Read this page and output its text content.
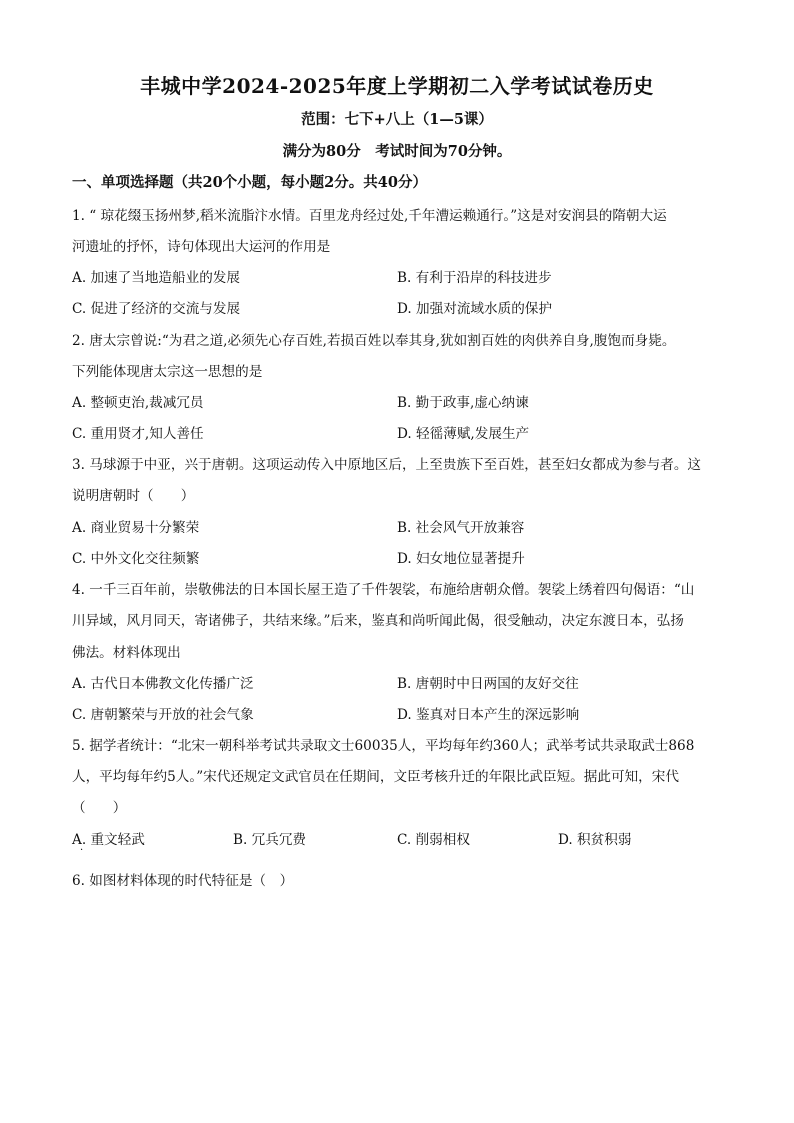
丰城中学2024-2025年度上学期初二入学考试试卷历史
范围：七下+八上（1—5课）
满分为80分　考试时间为70分钟。
一、单项选择题（共20个小题，每小题2分。共40分）
1. “ 琼花缀玉扬州梦,稻米流脂汴水情。百里龙舟经过处,千年漕运赖通行。”这是对安润县的隋朝大运
河遗址的抒怀，诗句体现出大运河的作用是
A. 加速了当地造船业的发展	B. 有利于沿岸的科技进步
C. 促进了经济的交流与发展	D. 加强对流域水质的保护
2. 唐太宗曾说:“为君之道,必须先心存百姓,若损百姓以奉其身,犹如割百姓的肉供养自身,腹饱而身毙。
下列能体现唐太宗这一思想的是
A. 整顿吏治,裁减冗员	B. 勤于政事,虚心纳谏
C. 重用贤才,知人善任	D. 轻徭薄赋,发展生产
3. 马球源于中亚，兴于唐朝。这项运动传入中原地区后，上至贵族下至百姓，甚至妇女都成为参与者。这
说明唐朝时（　　）
A. 商业贸易十分繁荣	B. 社会风气开放兼容
C. 中外文化交往频繁	D. 妇女地位显著提升
4. 一千三百年前，崇敬佛法的日本国长屋王造了千件袈裟，布施给唐朝众僧。袈裟上绣着四句偈语：“山
川异域，风月同天，寄诸佛子，共结来缘。”后来，鉴真和尚听闻此偈，很受触动，决定东渡日本，弘扬
佛法。材料体现出
A. 古代日本佛教文化传播广泛	B. 唐朝时中日两国的友好交往
C. 唐朝繁荣与开放的社会气象	D. 鉴真对日本产生的深远影响
5. 据学者统计：“北宋一朝科举考试共录取文士60035人，平均每年约360人；武举考试共录取武士868
人，平均每年约5人。”宋代还规定文武官员在任期间，文臣考核升迁的年限比武臣短。据此可知，宋代
（　　）
A. 重文轻武	B. 冗兵冗费	C. 削弱相权	D. 积贫积弱
·
6. 如图材料体现的时代特征是（　）
